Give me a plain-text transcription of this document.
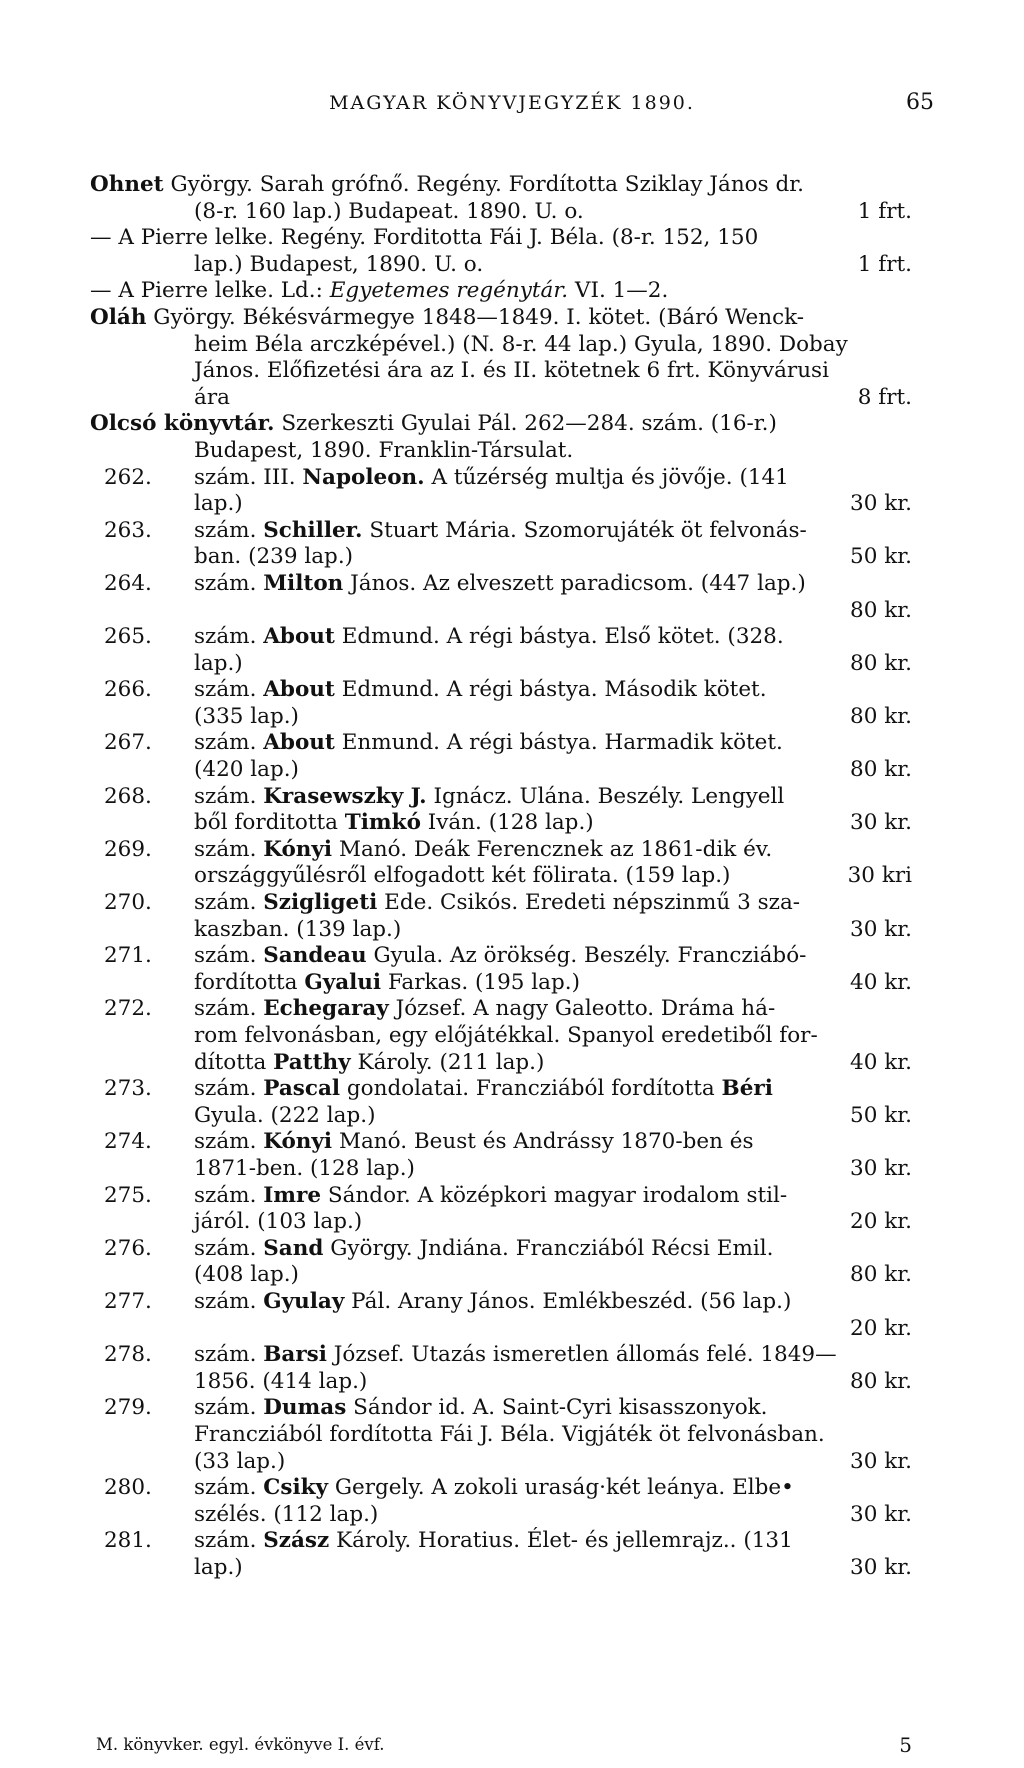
MAGYAR KÖNYVJEGYZÉK 1890.	65
Ohnet György. Sarah grófnő. Regény. Fordította Sziklay János dr.
(8-r. 160 lap.) Budapeat. 1890. U. o.	1 frt.
— A Pierre lelke. Regény. Forditotta Fái J. Béla. (8-r. 152, 150
lap.) Budapest, 1890. U. o.	1 frt.
— A Pierre lelke. Ld.: Egyetemes regénytár. VI. 1—2.
Oláh György. Békésvármegye 1848—1849. I. kötet. (Báró Wenck-
heim Béla arczképével.) (N. 8-r. 44 lap.) Gyula, 1890. Dobay
János. Előfizetési ára az I. és II. kötetnek 6 frt. Könyvárusi
ára	8 frt.
Olcsó könyvtár. Szerkeszti Gyulai Pál. 262—284. szám. (16-r.)
Budapest, 1890. Franklin-Társulat.
262. szám. III. Napoleon. A tűzérség multja és jövője. (141
lap.)	30 kr.
263. szám. Schiller. Stuart Mária. Szomorujáték öt felvonás-
ban. (239 lap.)	50 kr.
264. szám. Milton János. Az elveszett paradicsom. (447 lap.)
80 kr.
265. szám. About Edmund. A régi bástya. Első kötet. (328.
lap.)	80 kr.
266. szám. About Edmund. A régi bástya. Második kötet.
(335 lap.)	80 kr.
267. szám. About Enmund. A régi bástya. Harmadik kötet.
(420 lap.)	80 kr.
268. szám. Krasewszky J. Ignácz. Ulána. Beszély. Lengyell
ből forditotta Timkó Iván. (128 lap.)	30 kr.
269. szám. Kónyi Manó. Deák Ferencznek az 1861-dik év.
országgyűlésről elfogadott két fölirata. (159 lap.)	30 kri
270. szám. Szigligeti Ede. Csikós. Eredeti népszinmű 3 sza-
kaszban. (139 lap.)	30 kr.
271. szám. Sandeau Gyula. Az örökség. Beszély. Francziábó-
fordította Gyalui Farkas. (195 lap.)	40 kr.
272. szám. Echegaray József. A nagy Galeotto. Dráma há-
rom felvonásban, egy előjátékkal. Spanyol eredetiből for-
dította Patthy Károly. (211 lap.)	40 kr.
273. szám. Pascal gondolatai. Francziából fordította Béri
Gyula. (222 lap.)	50 kr.
274. szám. Kónyi Manó. Beust és Andrássy 1870-ben és
1871-ben. (128 lap.)	30 kr.
275. szám. Imre Sándor. A középkori magyar irodalom stil-
járól. (103 lap.)	20 kr.
276. szám. Sand György. Jndiána. Francziából Récsi Emil.
(408 lap.)	80 kr.
277. szám. Gyulay Pál. Arany János. Emlékbeszéd. (56 lap.)
20 kr.
278. szám. Barsi József. Utazás ismeretlen állomás felé. 1849—
1856. (414 lap.)	80 kr.
279. szám. Dumas Sándor id. A. Saint-Cyri kisasszonyok.
Francziából fordította Fái J. Béla. Vigjáték öt felvonásban.
(33 lap.)	30 kr.
280. szám. Csiky Gergely. A zokoli uraság·két leánya. Elbe•
szélés. (112 lap.)	30 kr.
281. szám. Szász Károly. Horatius. Élet- és jellemrajz.. (131
lap.)	30 kr.
M. könyvker. egyl. évkönyve I. évf.	5
